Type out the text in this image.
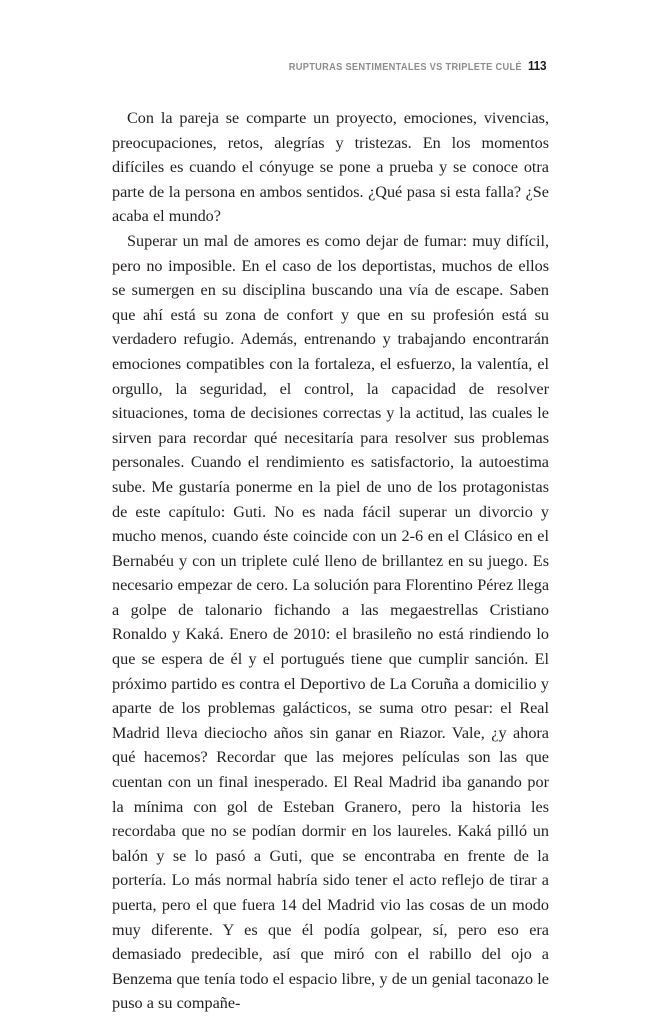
RUPTURAS SENTIMENTALES VS TRIPLETE CULÉ 113

Con la pareja se comparte un proyecto, emociones, vivencias, preocupaciones, retos, alegrías y tristezas. En los momentos difíciles es cuando el cónyuge se pone a prueba y se conoce otra parte de la persona en ambos sentidos. ¿Qué pasa si esta falla? ¿Se acaba el mundo?

Superar un mal de amores es como dejar de fumar: muy difícil, pero no imposible. En el caso de los deportistas, muchos de ellos se sumergen en su disciplina buscando una vía de escape. Saben que ahí está su zona de confort y que en su profesión está su verdadero refugio. Además, entrenando y trabajando encontrarán emociones compatibles con la fortaleza, el esfuerzo, la valentía, el orgullo, la seguridad, el control, la capacidad de resolver situaciones, toma de decisiones correctas y la actitud, las cuales le sirven para recordar qué necesitaría para resolver sus problemas personales. Cuando el rendimiento es satisfactorio, la autoestima sube. Me gustaría ponerme en la piel de uno de los protagonistas de este capítulo: Guti. No es nada fácil superar un divorcio y mucho menos, cuando éste coincide con un 2-6 en el Clásico en el Bernabéu y con un triplete culé lleno de brillantez en su juego. Es necesario empezar de cero. La solución para Florentino Pérez llega a golpe de talonario fichando a las megaestrellas Cristiano Ronaldo y Kaká. Enero de 2010: el brasileño no está rindiendo lo que se espera de él y el portugués tiene que cumplir sanción. El próximo partido es contra el Deportivo de La Coruña a domicilio y aparte de los problemas galácticos, se suma otro pesar: el Real Madrid lleva dieciocho años sin ganar en Riazor. Vale, ¿y ahora qué hacemos? Recordar que las mejores películas son las que cuentan con un final inesperado. El Real Madrid iba ganando por la mínima con gol de Esteban Granero, pero la historia les recordaba que no se podían dormir en los laureles. Kaká pilló un balón y se lo pasó a Guti, que se encontraba en frente de la portería. Lo más normal habría sido tener el acto reflejo de tirar a puerta, pero el que fuera 14 del Madrid vio las cosas de un modo muy diferente. Y es que él podía golpear, sí, pero eso era demasiado predecible, así que miró con el rabillo del ojo a Benzema que tenía todo el espacio libre, y de un genial taconazo le puso a su compañe-
